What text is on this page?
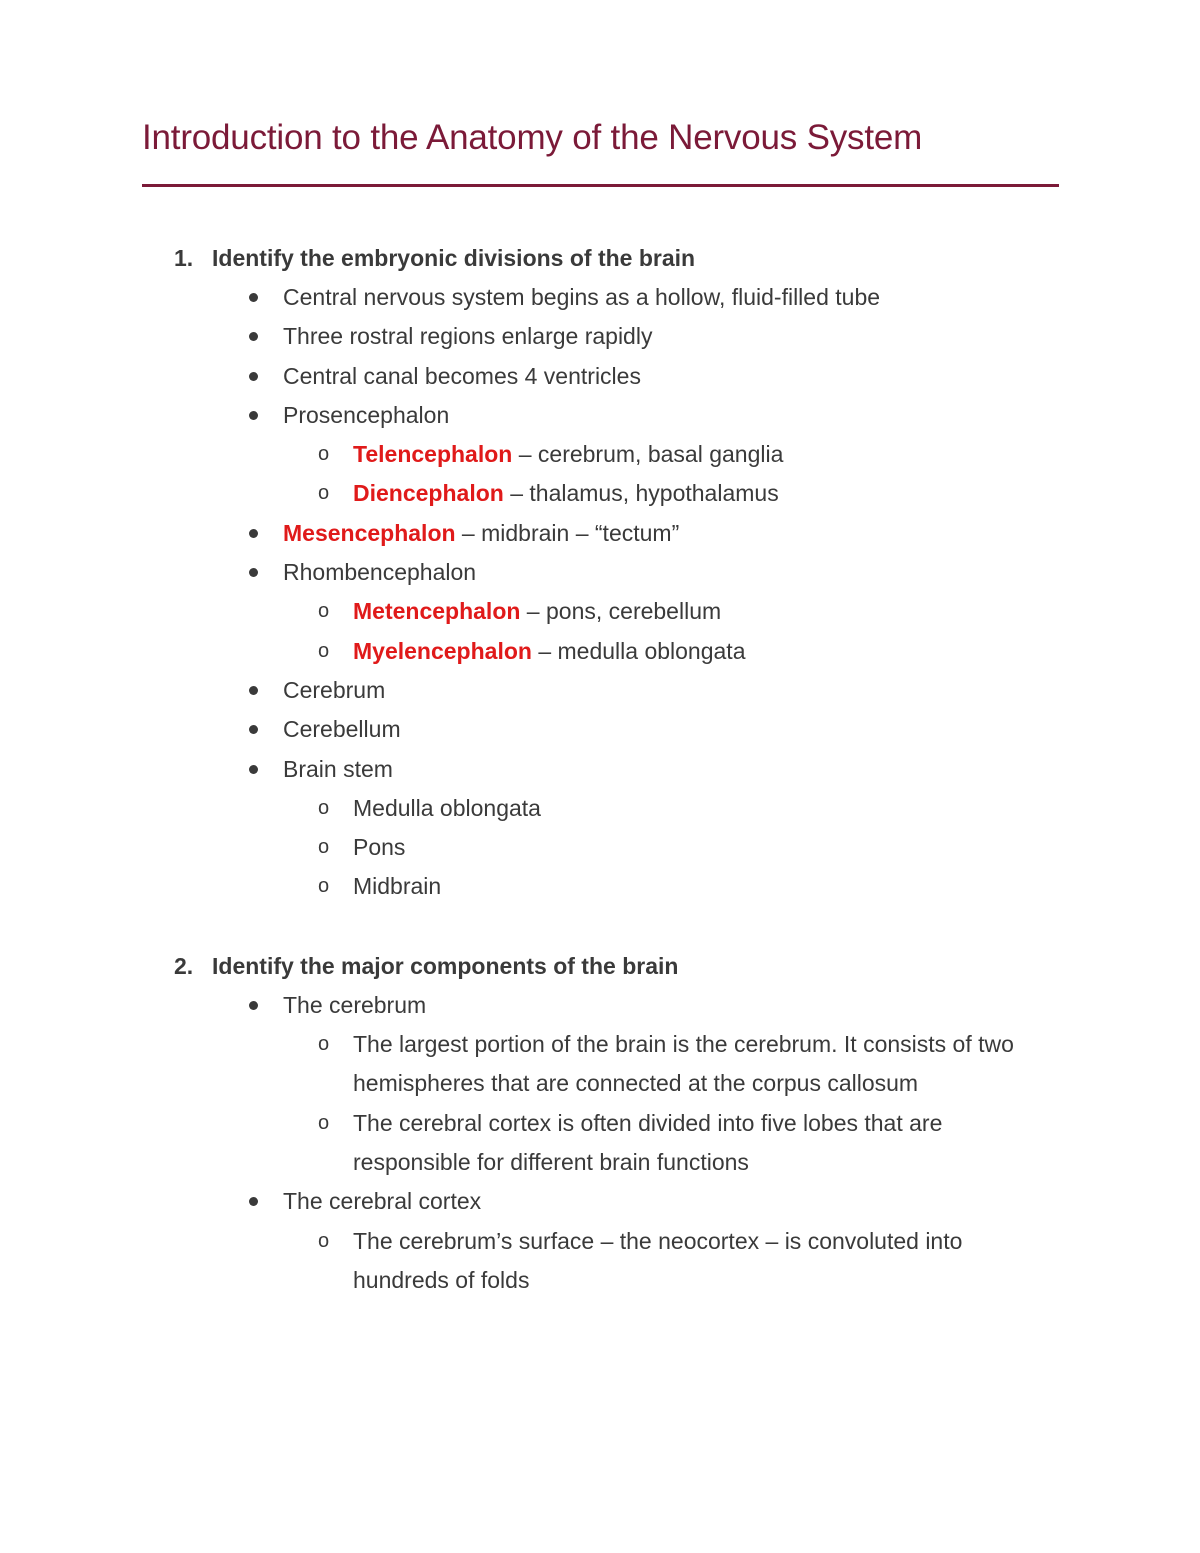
Introduction to the Anatomy of the Nervous System
1. Identify the embryonic divisions of the brain
Central nervous system begins as a hollow, fluid-filled tube
Three rostral regions enlarge rapidly
Central canal becomes 4 ventricles
Prosencephalon
o Telencephalon – cerebrum, basal ganglia
o Diencephalon – thalamus, hypothalamus
Mesencephalon – midbrain – “tectum”
Rhombencephalon
o Metencephalon – pons, cerebellum
o Myelencephalon – medulla oblongata
Cerebrum
Cerebellum
Brain stem
o Medulla oblongata
o Pons
o Midbrain
2. Identify the major components of the brain
The cerebrum
o The largest portion of the brain is the cerebrum. It consists of two hemispheres that are connected at the corpus callosum
o The cerebral cortex is often divided into five lobes that are responsible for different brain functions
The cerebral cortex
o The cerebrum’s surface – the neocortex – is convoluted into hundreds of folds
